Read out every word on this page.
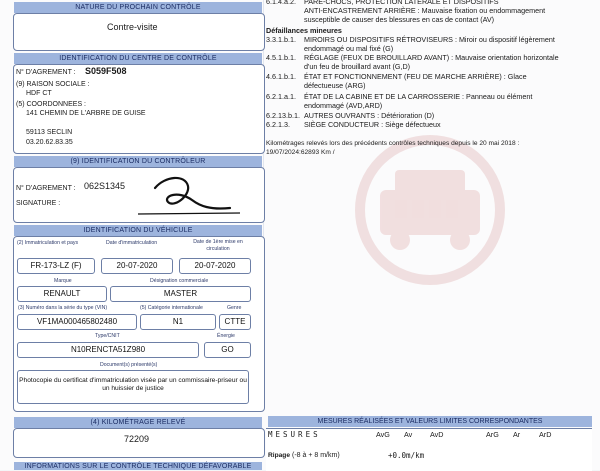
NATURE DU PROCHAIN CONTRÔLE
Contre-visite
IDENTIFICATION DU CENTRE DE CONTRÔLE
N° D'AGREMENT : S059F508
(9) RAISON SOCIALE :
HDF CT
(5) COORDONNEES :
141 CHEMIN DE L'ARBRE DE GUISE
59113 SECLIN
03.20.62.83.35
(9) IDENTIFICATION DU CONTRÔLEUR
N° D'AGREMENT : 062S1345
SIGNATURE :
IDENTIFICATION DU VÉHICULE
(2) Immatriculation et pays	Date d'immatriculation	Date de 1ère mise en circulation
FR-173-LZ (F)	20-07-2020	20-07-2020
Marque	Désignation commerciale
RENAULT	MASTER
(3) Numéro dans la série du type (VIN)	(5) Catégorie internationale	Genre
VF1MA000465802480	N1	CTTE
Type/CNIT	Énergie
N10RENCTA51Z980	GO
Document(s) présenté(s)
Photocopie du certificat d'immatriculation visée par un commissaire-priseur ou un huissier de justice
(4) KILOMÉTRAGE RELEVÉ
72209
INFORMATIONS SUR LE CONTRÔLE TECHNIQUE DÉFAVORABLE
6.1.4.a.2. PARE-CHOCS, PROTECTION LATERALE ET DISPOSITIFS
ANTI-ENCASTREMENT ARRIÈRE : Mauvaise fixation ou endommagement
susceptible de causer des blessures en cas de contact (AV)
Défaillances mineures
3.3.1.b.1. MIROIRS OU DISPOSITIFS RÉTROVISEURS : Miroir ou dispositif légèrement
endommagé ou mal fixé (G)
4.5.1.b.1. RÉGLAGE (FEUX DE BROUILLARD AVANT) : Mauvaise orientation horizontale
d'un feu de brouillard avant (G,D)
4.6.1.b.1. ÉTAT ET FONCTIONNEMENT (FEU DE MARCHE ARRIÈRE) : Glace
défectueuse (ARG)
6.2.1.a.1. ÉTAT DE LA CABINE ET DE LA CARROSSERIE : Panneau ou élément
endommagé (AVD,ARD)
6.2.13.b.1. AUTRES OUVRANTS : Détérioration (D)
6.2.1.3. SIÈGE CONDUCTEUR : Siège défectueux
Kilométrages relevés lors des précédents contrôles techniques depuis le 20 mai 2018 :
19/07/2024:62893 Km /
MESURES RÉALISÉES ET VALEURS LIMITES CORRESPONDANTES
MESURES	AvG Av AvD	ArG Ar	ArD
Ripage (-8 à + 8 m/km)	+0.0m/km
